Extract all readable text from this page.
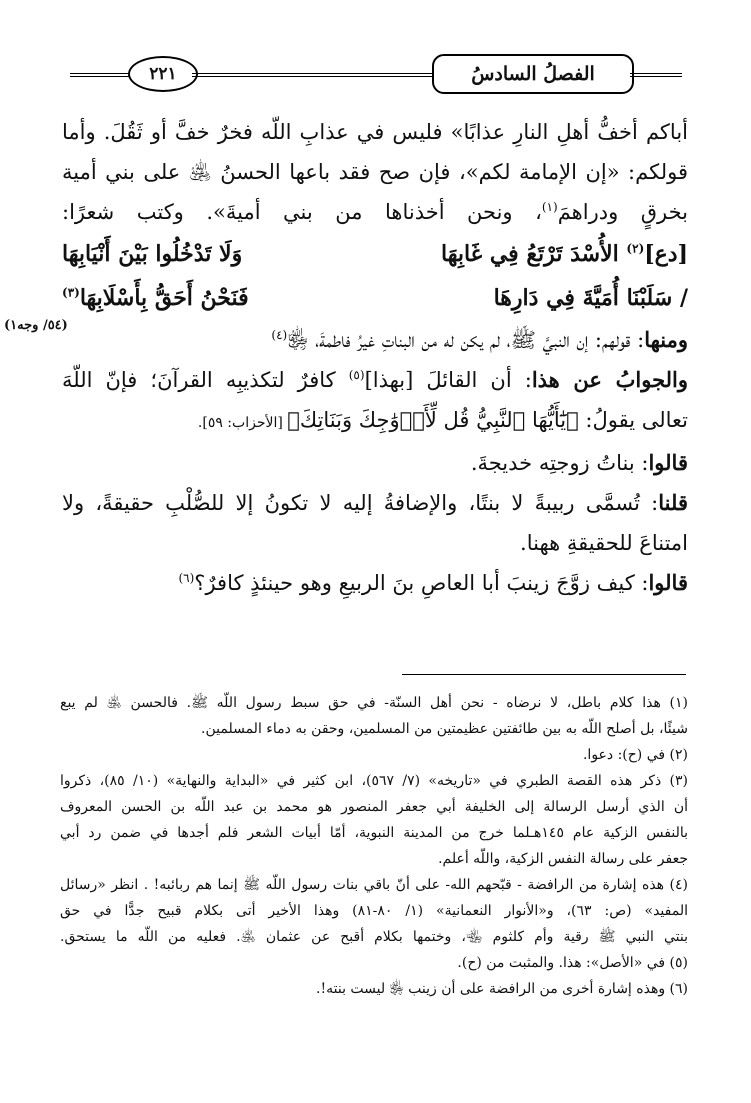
٢٢١	الفصلُ السادسُ
(٥٤/ وجه١)
أباكم أخفُّ أهلِ النارِ عذابًا» فليس في عذابِ اللّه فخرٌ خفَّ أو ثَقُلَ. وأما
قولكم: «إن الإمامة لكم»، فإن صح فقد باعها الحسنُ ﵁ على بني أمية
بخرقٍ ودراهمَ$^{(١)}$، ونحن أخذناها من بني أميةَ». وكتب شعرًا:
[دع]$^{(٢)}$ الأُسْدَ تَرْتَعُ فِي غَابِهَا
وَلَا تَدْخُلُوا بَيْنَ أَنْيَابِهَا
/ سَلَبْنَا أُمَيَّةَ فِي دَارِهَا
فَنَحْنُ أَحَقُّ بِأَسْلَابِهَا$^{(٣)}$
ومنها: قولهم: إن النبيَّ ﷺ، لم يكن له من البناتِ غيرُ فاطمةَ، ﵂$^{(٤)}$
والجوابُ عن هذا: أن القائلَ [بهذا]$^{(٥)}$ كافرٌ لتكذيبِه القرآنَ؛ فإنّ اللّهَ
تعالى يقولُ: ﴿يَٰٓأَيُّهَا ٱلنَّبِيُّ قُل لِّأَزۡوَٰجِكَ وَبَنَاتِكَ﴾ [الأحزاب: ٥٩].
قالوا: بناتُ زوجتِه خديجةَ.
قلنا: تُسمَّى ربيبةً لا بنتًا، والإضافةُ إليه لا تكونُ إلا للصُّلْبِ حقيقةً، ولا
امتناعَ للحقيقةِ ههنا.
قالوا: كيف زوَّجَ زينبَ أبا العاصِ بنَ الربيعِ وهو حينئذٍ كافرٌ؟$^{(٦)}$
(١) هذا كلام باطل، لا نرضاه - نحن أهل السنّة- في حق سبط رسول اللّه ﷺ. فالحسن ﵁ لم يبع
شيئًا، بل أصلح اللّه به بين طائفتين عظيمتين من المسلمين، وحقن به دماء المسلمين.
(٢) في (ح): دعوا.
(٣) ذكر هذه القصة الطبري في «تاريخه» (٧/ ٥٦٧)، ابن كثير في «البداية والنهاية» (١٠/ ٨٥)، ذكروا
أن الذي أرسل الرسالة إلى الخليفة أبي جعفر المنصور هو محمد بن عبد اللّه بن الحسن المعروف
بالنفس الزكية عام ١٤٥هـلما خرج من المدينة النبوية، أمّا أبيات الشعر فلم أجدها في ضمن رد أبي
جعفر على رسالة النفس الزكية، واللّه أعلم.
(٤) هذه إشارة من الرافضة - قبّحهم الله- على أنّ باقي بنات رسول اللّه ﷺ إنما هم ربائبه! . انظر «رسائل
المفيد» (ص: ٦٣)، و«الأنوار النعمانية» (١/ ٨٠-٨١) وهذا الأخير أتى بكلام قبيح جدًّا في حق
بنتي النبي ﷺ رقية وأم كلثوم ﵄، وختمها بكلام أقبح عن عثمان ﵁. فعليه من اللّه ما يستحق.
(٥) في «الأصل»: هذا. والمثبت من (ح).
(٦) وهذه إشارة أخرى من الرافضة على أن زينب ﵂ ليست بنته!.
